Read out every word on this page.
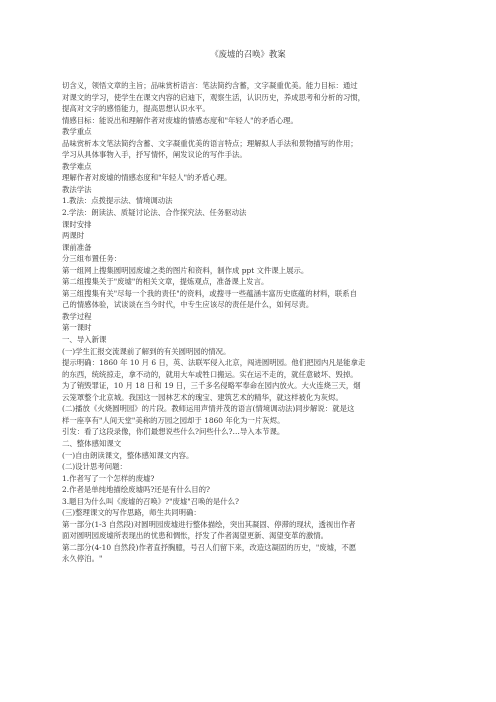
《废墟的召唤》教案

切含义，领悟文章的主旨；品味赏析语言：笔法简约含蓄，文字凝重优美。能力目标：通过

对课文的学习，使学生在课文内容的启迪下，观察生活，认识历史，养成思考和分析的习惯，

提高对文字的感悟能力，提高思想认识水平。

情感目标：能说出和理解作者对废墟的情感态度和"年轻人"的矛盾心理。

教学重点

品味赏析本文笔法简约含蓄、文字凝重优美的语言特点；理解拟人手法和景物描写的作用；

学习从具体事物入手，抒写情怀，阐发议论的写作手法。

教学难点

理解作者对废墟的情感态度和"年轻人"的矛盾心理。

教法学法

1.教法：点拨提示法、情境调动法

2.学法：朗读法、质疑讨论法、合作探究法、任务驱动法

课时安排

两课时

课前准备

分三组布置任务：

第一组网上搜集圆明园废墟之类的图片和资料，制作成 ppt 文件课上展示。

第二组搜集关于"废墟"的相关文章，提炼观点，准备课上发言。

第三组搜集有关"尽每一个我的责任"的资料，或搜寻一些蕴涵丰富历史底蕴的材料，联系自

己的情感体验，试谈谈在当今时代，中专生应该尽的责任是什么，如何尽责。

教学过程

第一课时

一、导入新课

(一)学生汇报交流课前了解到的有关圆明园的情况。

提示明确：1860 年 10 月 6 日，英、法联军侵入北京，闯进圆明园。他们把园内凡是能拿走

的东西，统统掠走，拿不动的，就用大车或牲口搬运。实在运不走的，就任意破坏、毁掉。

为了销毁罪证，10 月 18 日和 19 日，三千多名侵略军奉命在园内放火。大火连烧三天，烟

云笼罩整个北京城。我国这一园林艺术的瑰宝、建筑艺术的精华，就这样被化为灰烬。

(二)播放《火烧圆明园》的片段。教师运用声情并茂的语言(情境调动法)同步解说：就是这

样一座享有"人间天堂"美称的万园之园却于 1860 年化为一片灰烬。

引发：看了这段录像，你们最想说些什么?问些什么?…导入本节课。

二、整体感知课文

(一)自由朗读课文，整体感知课文内容。

(二)设计思考问题：

1.作者写了一个怎样的废墟?

2.作者是单纯地描绘废墟吗?还是有什么目的?

3.题目为什么叫《废墟的召唤》?"废墟"召唤的是什么?

(三)整理课文的写作思路，师生共同明确：

第一部分(1-3 自然段)对圆明园废墟进行整体描绘，突出其凝固、停滞的现状，透视出作者

面对圆明园废墟所表现出的忧患和惆怅，抒发了作者渴望更新、渴望变革的激情。

第二部分(4-10 自然段)作者直抒胸臆，号召人们留下来，改造这凝固的历史，"废墟，不愿

永久停泊。"
